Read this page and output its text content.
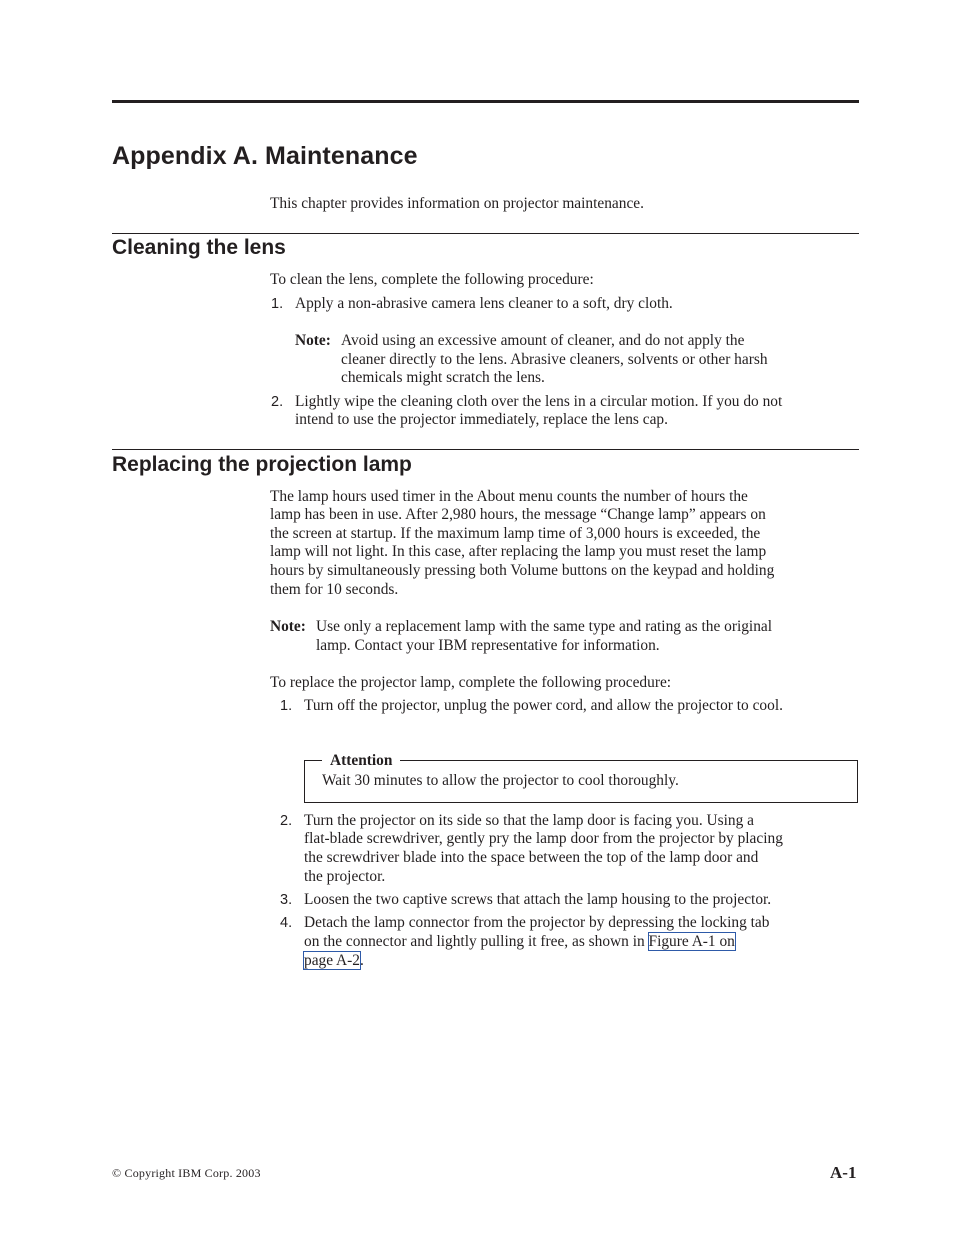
Appendix A. Maintenance

This chapter provides information on projector maintenance.

Cleaning the lens

To clean the lens, complete the following procedure:

1. Apply a non-abrasive camera lens cleaner to a soft, dry cloth.

Note: Avoid using an excessive amount of cleaner, and do not apply the

cleaner directly to the lens. Abrasive cleaners, solvents or other harsh

chemicals might scratch the lens.

2. Lightly wipe the cleaning cloth over the lens in a circular motion. If you do not

intend to use the projector immediately, replace the lens cap.

Replacing the projection lamp

The lamp hours used timer in the About menu counts the number of hours the

lamp has been in use. After 2,980 hours, the message “Change lamp” appears on

the screen at startup. If the maximum lamp time of 3,000 hours is exceeded, the

lamp will not light. In this case, after replacing the lamp you must reset the lamp

hours by simultaneously pressing both Volume buttons on the keypad and holding

them for 10 seconds.

Note: Use only a replacement lamp with the same type and rating as the original

lamp. Contact your IBM representative for information.

To replace the projector lamp, complete the following procedure:

1. Turn off the projector, unplug the power cord, and allow the projector to cool.

Attention

Wait 30 minutes to allow the projector to cool thoroughly.

2. Turn the projector on its side so that the lamp door is facing you. Using a

flat-blade screwdriver, gently pry the lamp door from the projector by placing

the screwdriver blade into the space between the top of the lamp door and

the projector.

3. Loosen the two captive screws that attach the lamp housing to the projector.

4. Detach the lamp connector from the projector by depressing the locking tab

on the connector and lightly pulling it free, as shown in Figure A-1 on

page A-2.

© Copyright IBM Corp. 2003	A-1
